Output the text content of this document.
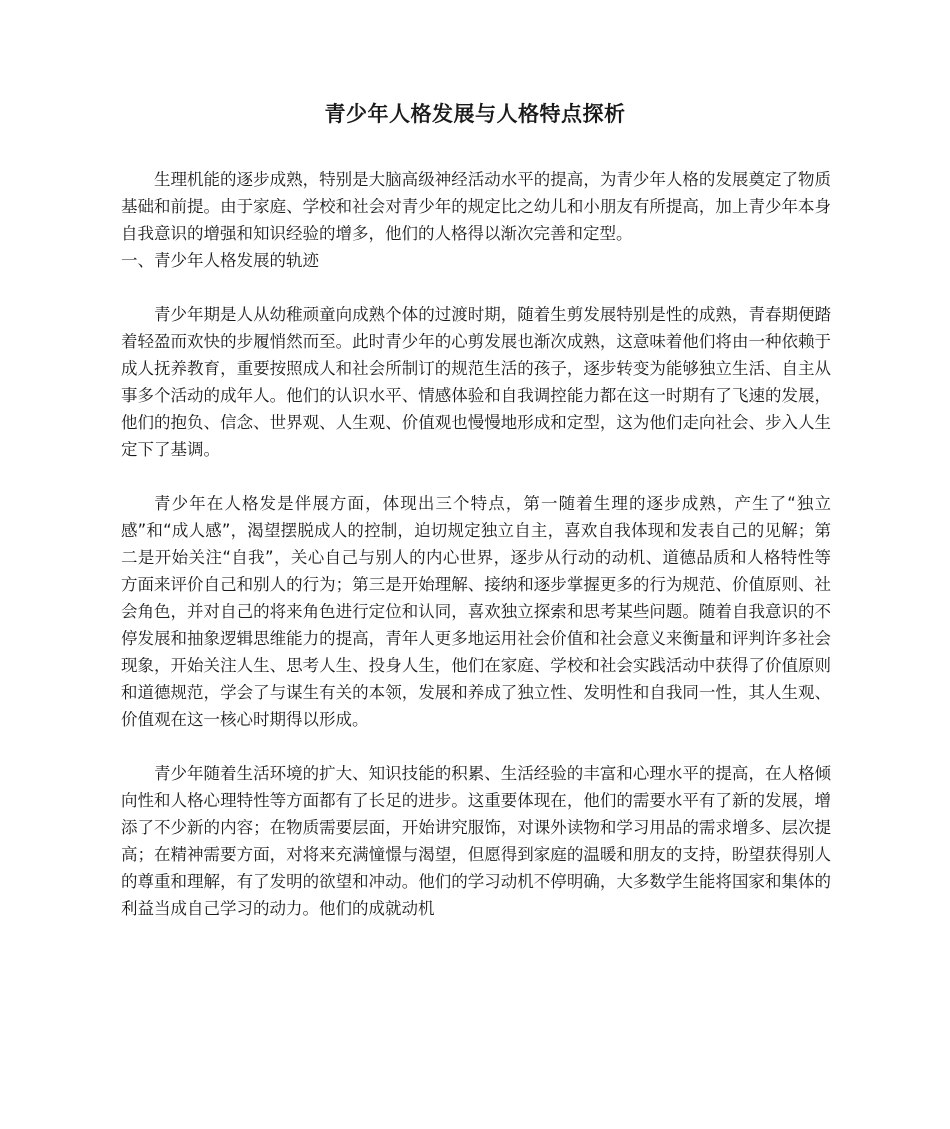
青少年人格发展与人格特点探析

生理机能的逐步成熟，特别是大脑高级神经活动水平的提高，为青少年人格的发展奠定了物质基础和前提。由于家庭、学校和社会对青少年的规定比之幼儿和小朋友有所提高，加上青少年本身自我意识的增强和知识经验的增多，他们的人格得以渐次完善和定型。

一、青少年人格发展的轨迹

青少年期是人从幼稚顽童向成熟个体的过渡时期，随着生剪发展特别是性的成熟，青春期便踏着轻盈而欢快的步履悄然而至。此时青少年的心剪发展也渐次成熟，这意味着他们将由一种依赖于成人抚养教育，重要按照成人和社会所制订的规范生活的孩子，逐步转变为能够独立生活、自主从事多个活动的成年人。他们的认识水平、情感体验和自我调控能力都在这一时期有了飞速的发展，他们的抱负、信念、世界观、人生观、价值观也慢慢地形成和定型，这为他们走向社会、步入人生定下了基调。

青少年在人格发是伴展方面，体现出三个特点，第一随着生理的逐步成熟，产生了“独立感”和“成人感”，渴望摆脱成人的控制，迫切规定独立自主，喜欢自我体现和发表自己的见解；第二是开始关注“自我”，关心自己与别人的内心世界，逐步从行动的动机、道德品质和人格特性等方面来评价自己和别人的行为；第三是开始理解、接纳和逐步掌握更多的行为规范、价值原则、社会角色，并对自己的将来角色进行定位和认同，喜欢独立探索和思考某些问题。随着自我意识的不停发展和抽象逻辑思维能力的提高，青年人更多地运用社会价值和社会意义来衡量和评判许多社会现象，开始关注人生、思考人生、投身人生，他们在家庭、学校和社会实践活动中获得了价值原则和道德规范，学会了与谋生有关的本领，发展和养成了独立性、发明性和自我同一性，其人生观、价值观在这一核心时期得以形成。

青少年随着生活环境的扩大、知识技能的积累、生活经验的丰富和心理水平的提高，在人格倾向性和人格心理特性等方面都有了长足的进步。这重要体现在，他们的需要水平有了新的发展，增添了不少新的内容；在物质需要层面，开始讲究服饰，对课外读物和学习用品的需求增多、层次提高；在精神需要方面，对将来充满憧憬与渴望，但愿得到家庭的温暖和朋友的支持，盼望获得别人的尊重和理解，有了发明的欲望和冲动。他们的学习动机不停明确，大多数学生能将国家和集体的利益当成自己学习的动力。他们的成就动机
